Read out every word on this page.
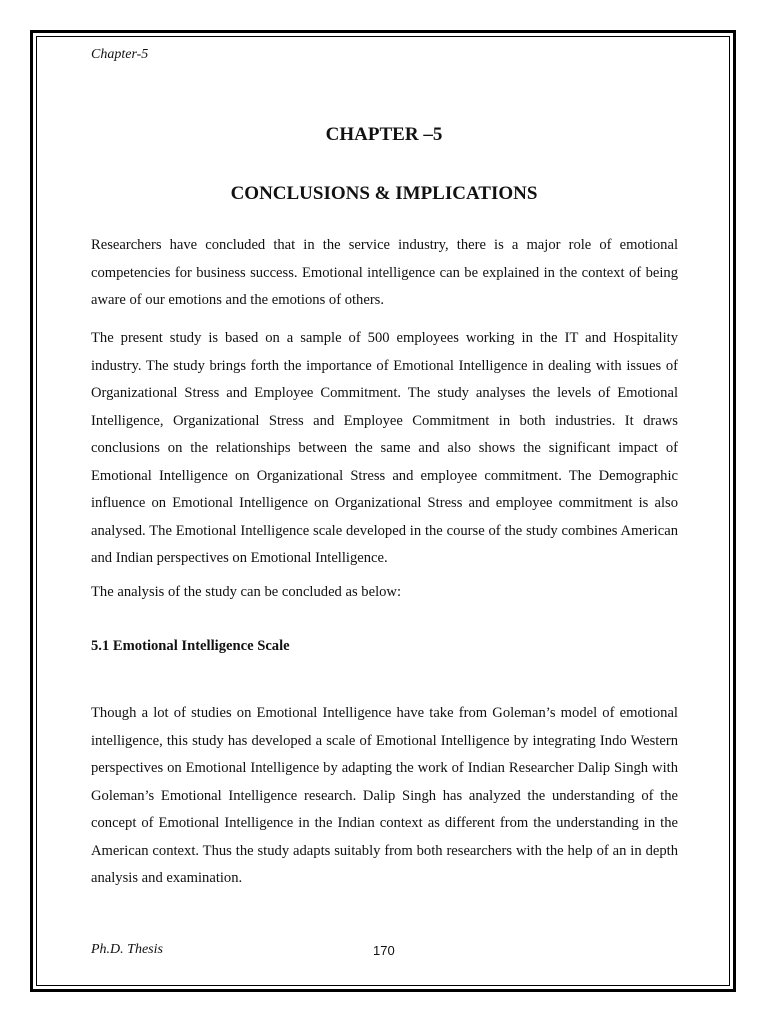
Chapter-5
CHAPTER –5
CONCLUSIONS & IMPLICATIONS
Researchers have concluded that in the service industry, there is a major role of emotional competencies for business success. Emotional intelligence can be explained in the context of being aware of our emotions and the emotions of others.
The present study is based on a sample of 500 employees working in the IT and Hospitality industry. The study brings forth the importance of Emotional Intelligence in dealing with issues of Organizational Stress and Employee Commitment. The study analyses the levels of Emotional Intelligence, Organizational Stress and Employee Commitment in both industries. It draws conclusions on the relationships between the same and also shows the significant impact of Emotional Intelligence on Organizational Stress and employee commitment. The Demographic influence on Emotional Intelligence on Organizational Stress and employee commitment is also analysed. The Emotional Intelligence scale developed in the course of the study combines American and Indian perspectives on Emotional Intelligence.
The analysis of the study can be concluded as below:
5.1 Emotional Intelligence Scale
Though a lot of studies on Emotional Intelligence have take from Goleman’s model of emotional intelligence, this study has developed a scale of Emotional Intelligence by integrating Indo Western perspectives on Emotional Intelligence by adapting the work of Indian Researcher Dalip Singh with Goleman’s Emotional Intelligence research. Dalip Singh has analyzed the understanding of the concept of Emotional Intelligence in the Indian context as different from the understanding in the American context. Thus the study adapts suitably from both researchers with the help of an in depth analysis and examination.
Ph.D. Thesis	170
